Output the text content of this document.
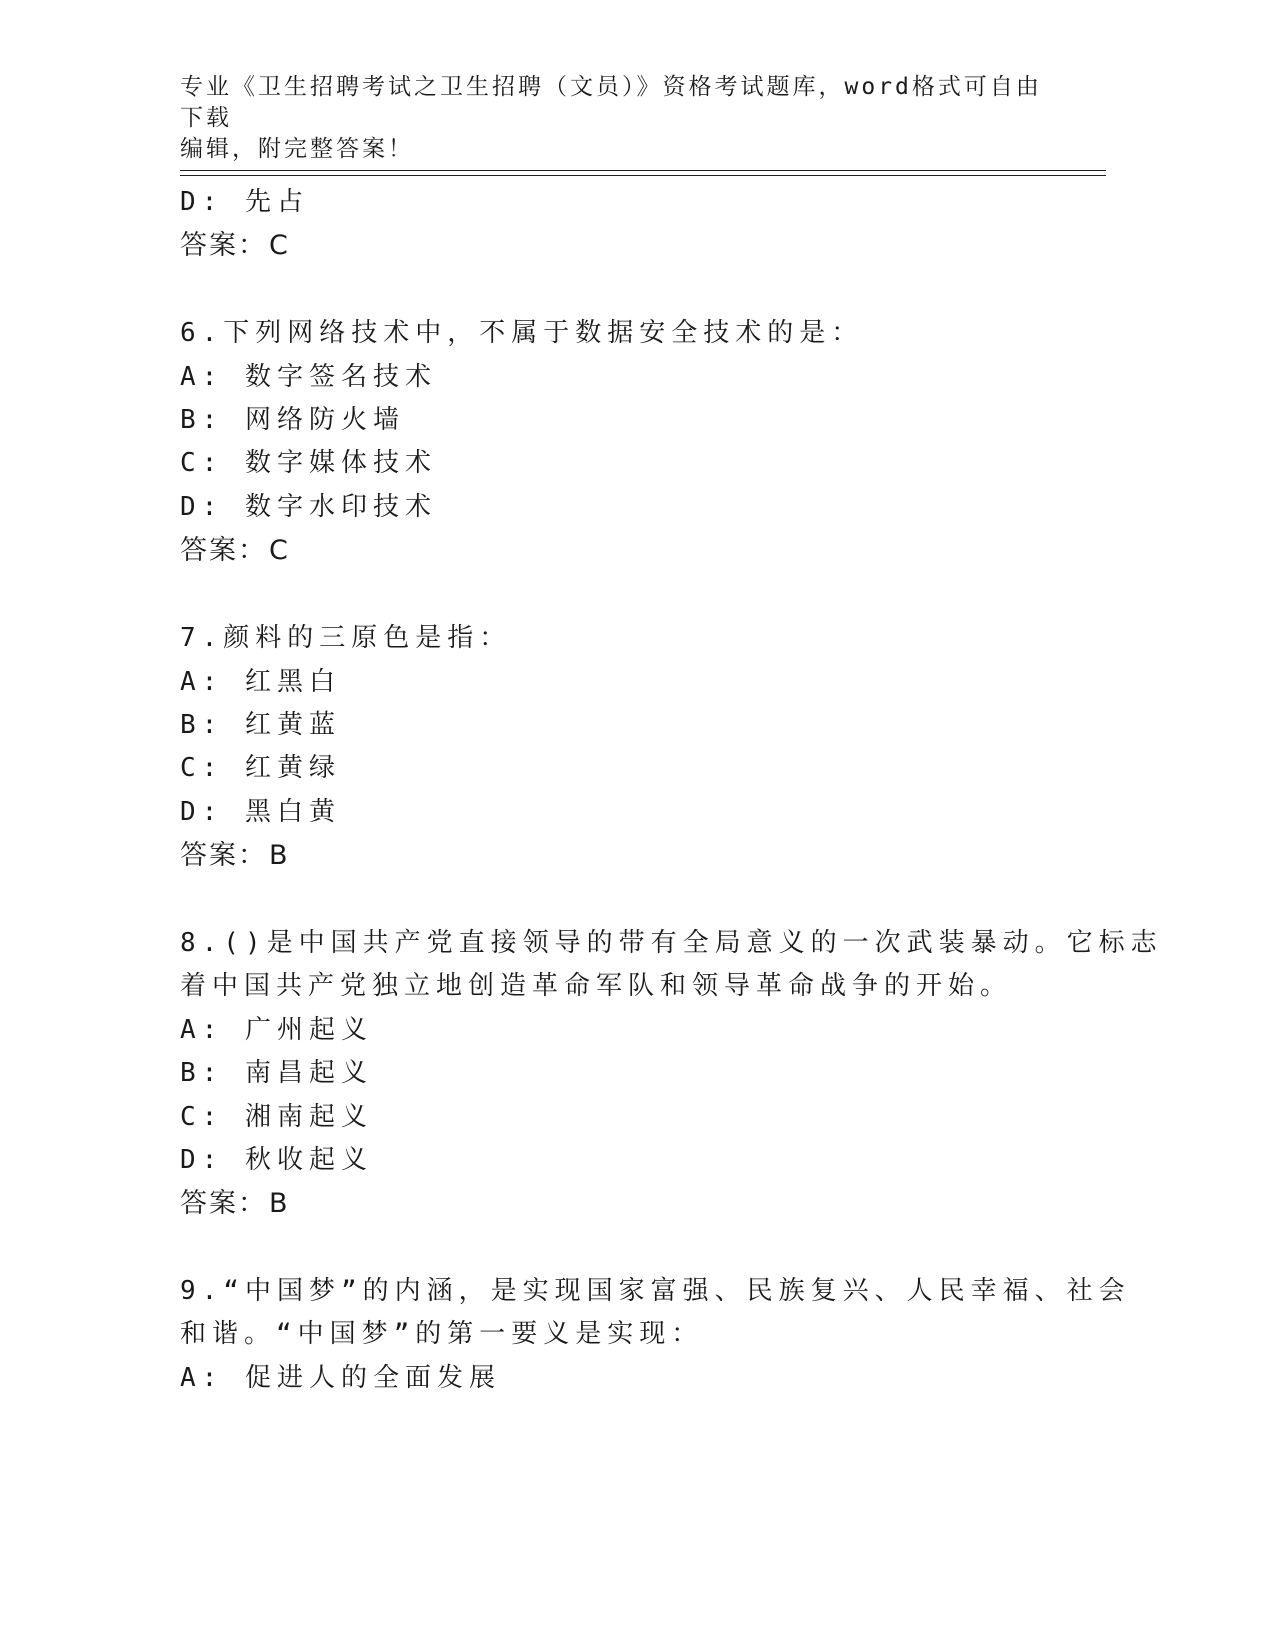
专业《卫生招聘考试之卫生招聘（文员）》资格考试题库，word格式可自由下载
编辑，附完整答案！
D: 先占
答案：C
6.下列网络技术中，不属于数据安全技术的是：
A: 数字签名技术
B: 网络防火墙
C: 数字媒体技术
D: 数字水印技术
答案：C
7.颜料的三原色是指：
A: 红黑白
B: 红黄蓝
C: 红黄绿
D: 黑白黄
答案：B
8.()是中国共产党直接领导的带有全局意义的一次武装暴动。它标志
着中国共产党独立地创造革命军队和领导革命战争的开始。
A: 广州起义
B: 南昌起义
C: 湘南起义
D: 秋收起义
答案：B
9.“中国梦”的内涵，是实现国家富强、民族复兴、人民幸福、社会
和谐。“中国梦”的第一要义是实现：
A: 促进人的全面发展
